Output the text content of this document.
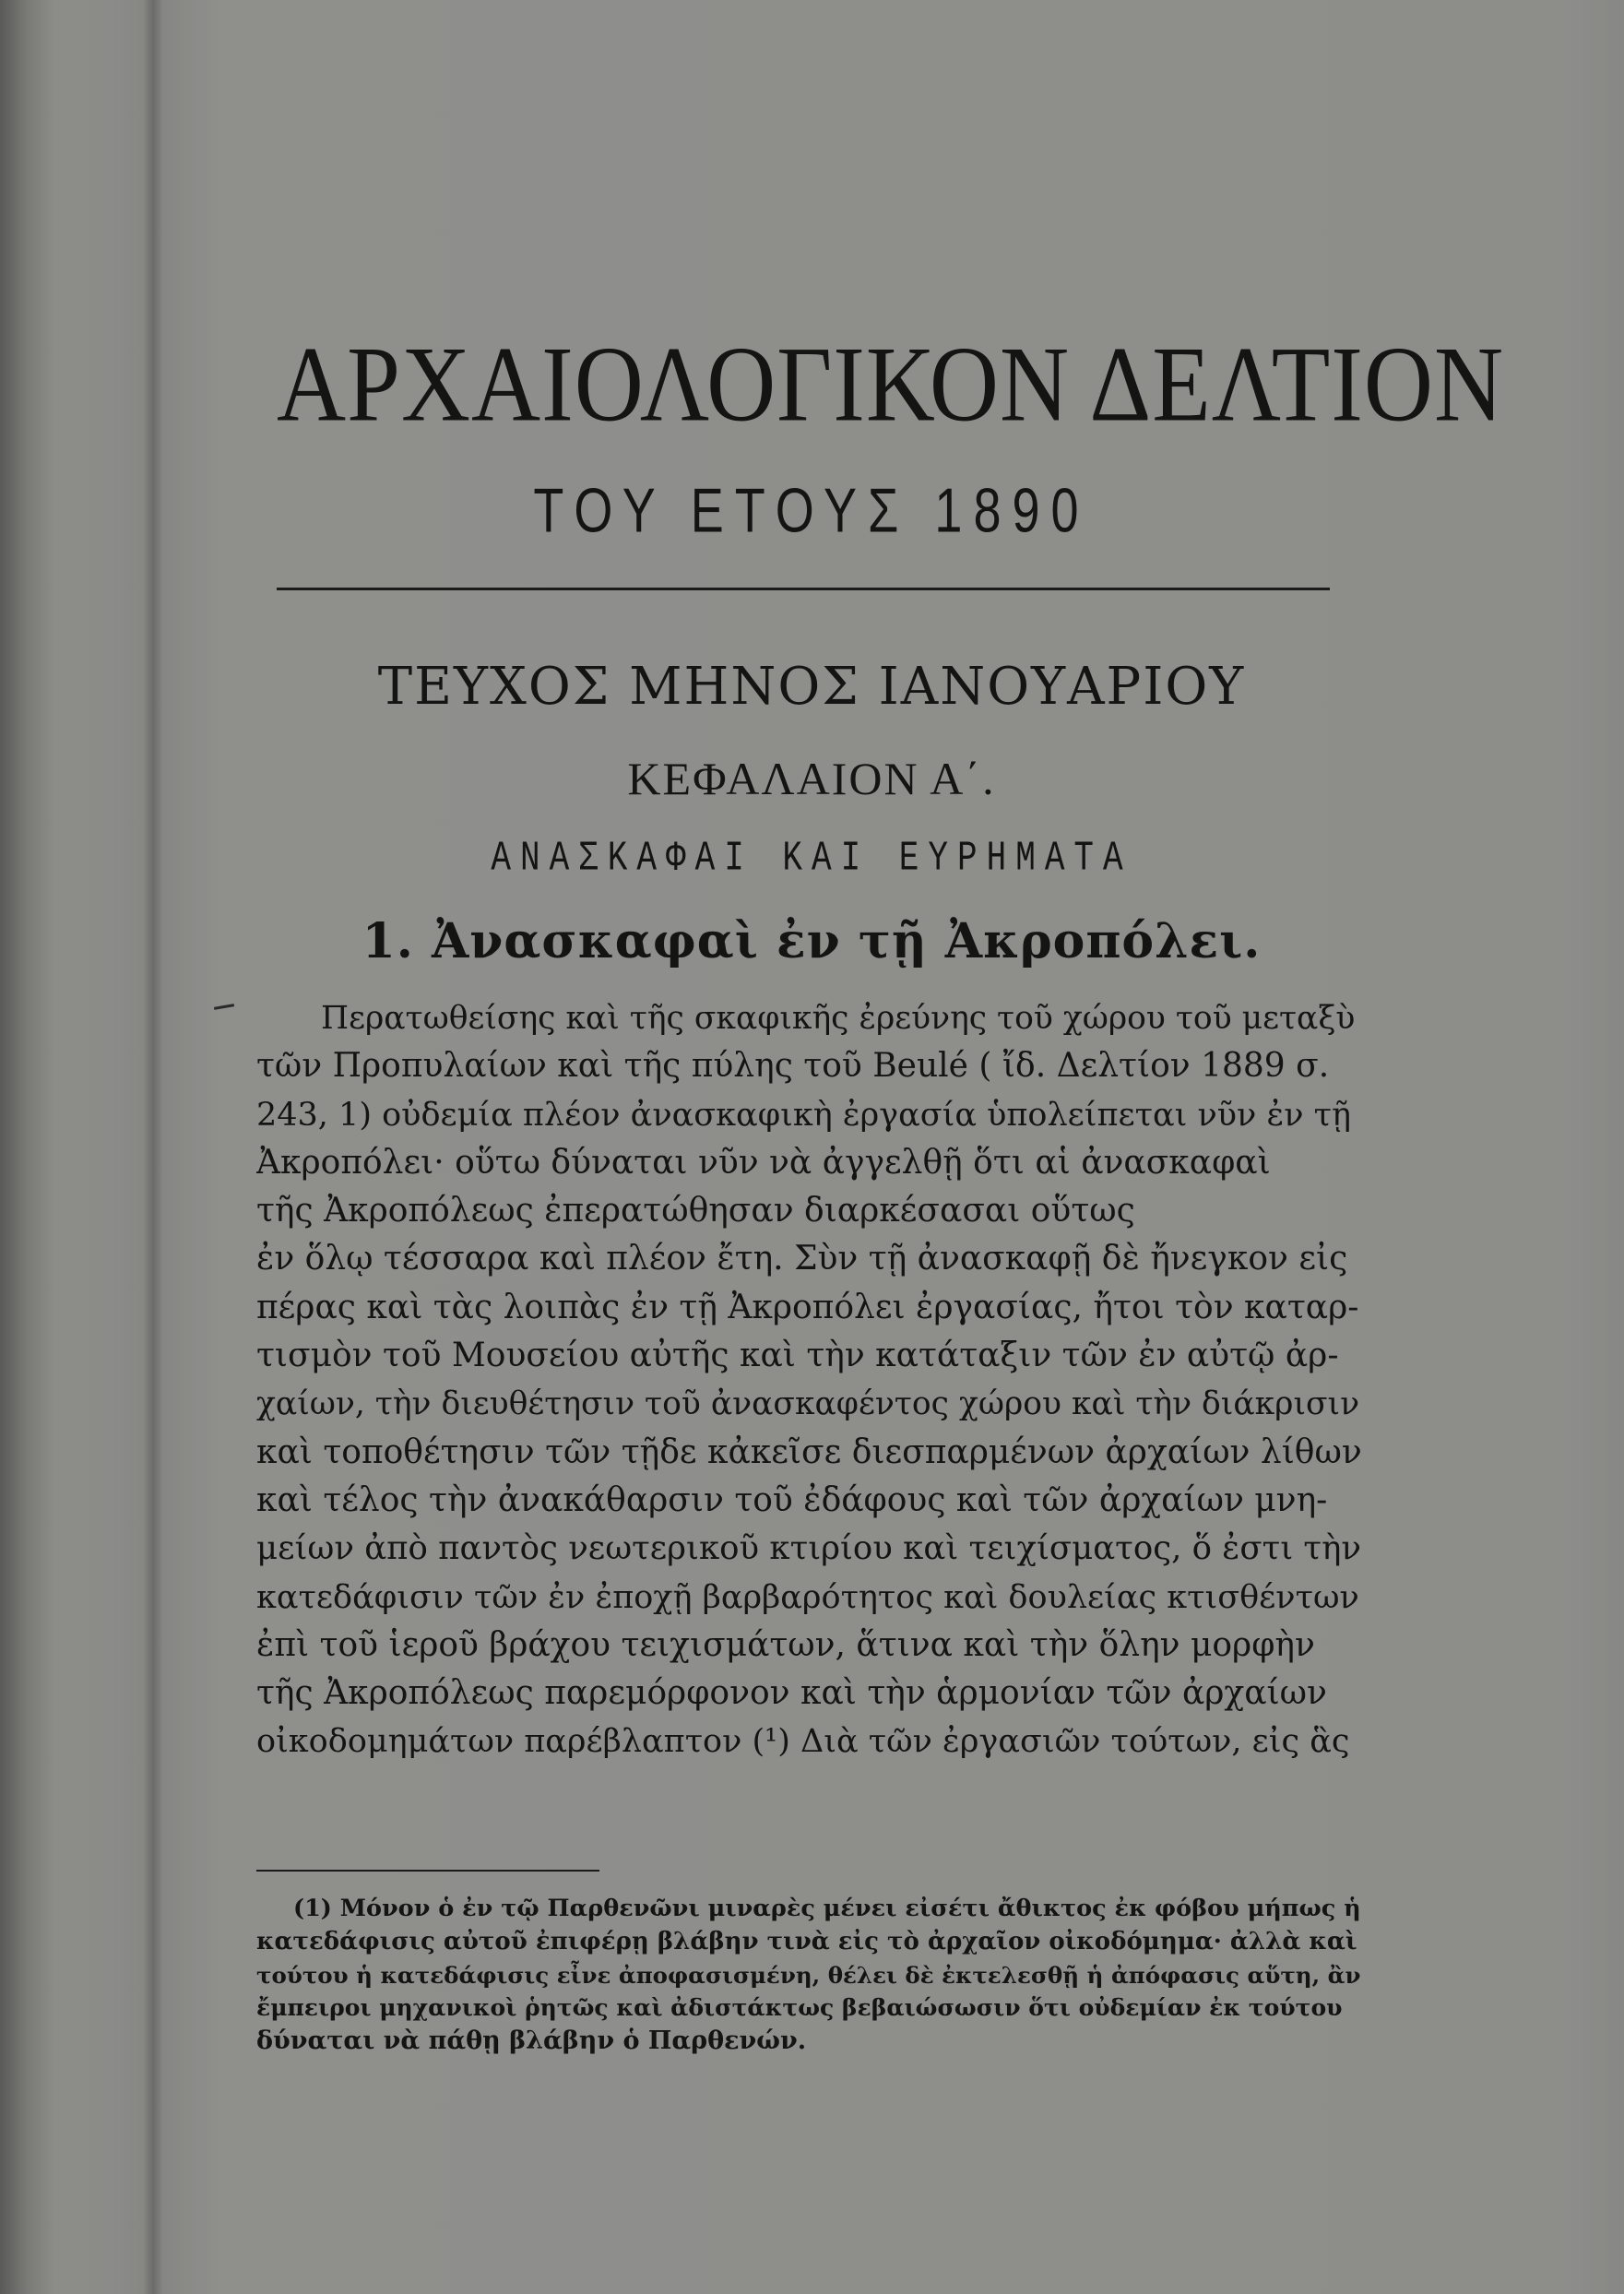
ΑΡΧΑΙΟΛΟΓΙΚΟΝ ΔΕΛΤΙΟΝ
ΤΟΥ ΕΤΟΥΣ 1890
ΤΕΥΧΟΣ ΜΗΝΟΣ ΙΑΝΟΥΑΡΙΟΥ
ΚΕΦΑΛΑΙΟΝ Α΄.
ΑΝΑΣΚΑΦΑΙ ΚΑΙ ΕΥΡΗΜΑΤΑ
1. Ἀνασκαφαὶ ἐν τῇ Ἀκροπόλει.
Περατωθείσης καὶ τῆς σκαφικῆς ἐρεύνης τοῦ χώρου τοῦ μεταξὺ
τῶν Προπυλαίων καὶ τῆς πύλης τοῦ Beulé ( ἴδ. Δελτίον 1889 σ.
243, 1) οὐδεμία πλέον ἀνασκαφικὴ ἐργασία ὑπολείπεται νῦν ἐν τῇ
Ἀκροπόλει· οὕτω δύναται νῦν νὰ ἀγγελθῇ ὅτι αἱ ἀνασκαφαὶ
τῆς Ἀκροπόλεως ἐπερατώθησαν διαρκέσασαι οὕτως
ἐν ὅλῳ τέσσαρα καὶ πλέον ἔτη. Σὺν τῇ ἀνασκαφῇ δὲ ἤνεγκον εἰς
πέρας καὶ τὰς λοιπὰς ἐν τῇ Ἀκροπόλει ἐργασίας, ἤτοι τὸν καταρ-
τισμὸν τοῦ Μουσείου αὐτῆς καὶ τὴν κατάταξιν τῶν ἐν αὐτῷ ἀρ-
χαίων, τὴν διευθέτησιν τοῦ ἀνασκαφέντος χώρου καὶ τὴν διάκρισιν
καὶ τοποθέτησιν τῶν τῇδε κἀκεῖσε διεσπαρμένων ἀρχαίων λίθων
καὶ τέλος τὴν ἀνακάθαρσιν τοῦ ἐδάφους καὶ τῶν ἀρχαίων μνη-
μείων ἀπὸ παντὸς νεωτερικοῦ κτιρίου καὶ τειχίσματος, ὅ ἐστι τὴν
κατεδάφισιν τῶν ἐν ἐποχῇ βαρβαρότητος καὶ δουλείας κτισθέντων
ἐπὶ τοῦ ἱεροῦ βράχου τειχισμάτων, ἅτινα καὶ τὴν ὅλην μορφὴν
τῆς Ἀκροπόλεως παρεμόρφονον καὶ τὴν ἁρμονίαν τῶν ἀρχαίων
οἰκοδομημάτων παρέβλαπτον (¹) Διὰ τῶν ἐργασιῶν τούτων, εἰς ἃς
(1) Μόνον ὁ ἐν τῷ Παρθενῶνι μιναρὲς μένει εἰσέτι ἄθικτος ἐκ φόβου μήπως ἡ
κατεδάφισις αὐτοῦ ἐπιφέρῃ βλάβην τινὰ εἰς τὸ ἀρχαῖον οἰκοδόμημα· ἀλλὰ καὶ
τούτου ἡ κατεδάφισις εἶνε ἀποφασισμένη, θέλει δὲ ἐκτελεσθῇ ἡ ἀπόφασις αὕτη, ἂν
ἔμπειροι μηχανικοὶ ῥητῶς καὶ ἀδιστάκτως βεβαιώσωσιν ὅτι οὐδεμίαν ἐκ τούτου
δύναται νὰ πάθῃ βλάβην ὁ Παρθενών.
